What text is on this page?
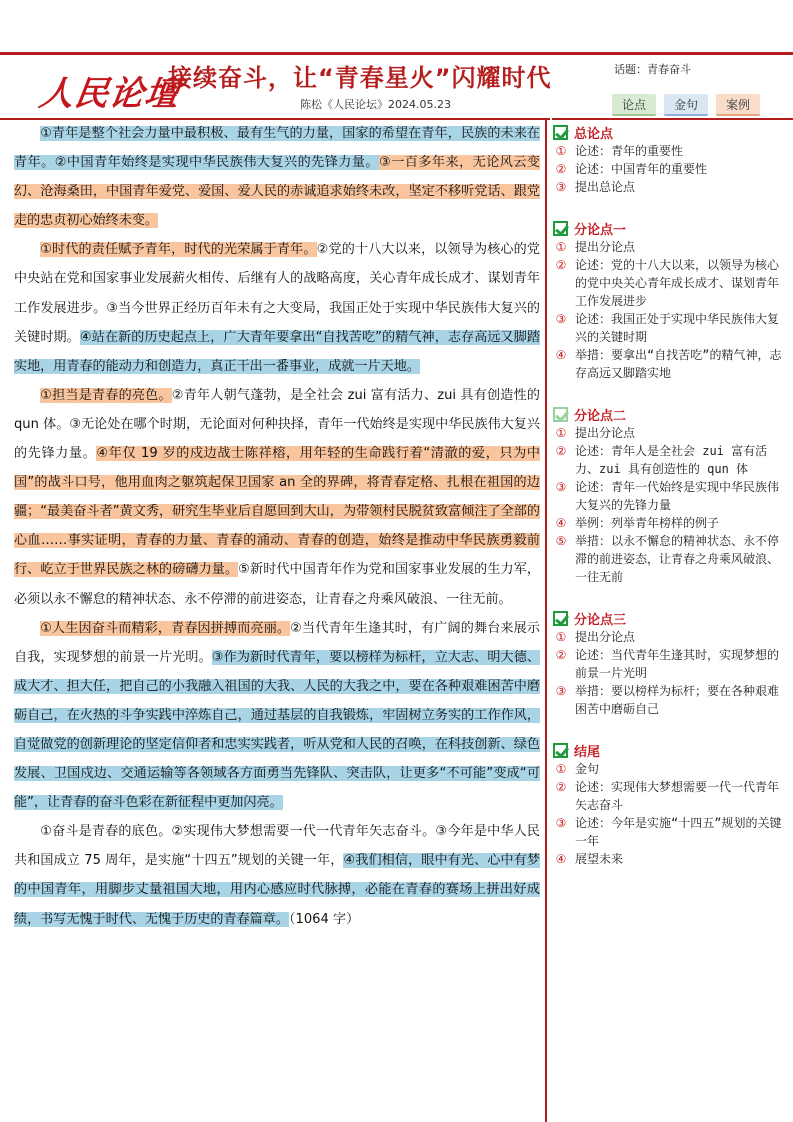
人民论壇
接续奋斗，让“青春星火”闪耀时代
陈松《人民论坛》2024.05.23
话题：青春奋斗
论点	金句	案例

①青年是整个社会力量中最积极、最有生气的力量，国家的希望在青年，民族的未来在青年。②中国青年始终是实现中华民族伟大复兴的先锋力量。③一百多年来，无论风云变幻、沧海桑田，中国青年爱党、爱国、爱人民的赤诚追求始终未改，坚定不移听党话、跟党走的忠贞初心始终未变。

①时代的责任赋予青年，时代的光荣属于青年。②党的十八大以来，以领导为核心的党中央站在党和国家事业发展薪火相传、后继有人的战略高度，关心青年成长成才、谋划青年工作发展进步。③当今世界正经历百年未有之大变局，我国正处于实现中华民族伟大复兴的关键时期。④站在新的历史起点上，广大青年要拿出“自找苦吃”的精气神，志存高远又脚踏实地，用青春的能动力和创造力，真正干出一番事业，成就一片天地。

①担当是青春的亮色。②青年人朝气蓬勃，是全社会 zui 富有活力、zui 具有创造性的 qun 体。③无论处在哪个时期，无论面对何种抉择，青年一代始终是实现中华民族伟大复兴的先锋力量。④年仅 19 岁的戍边战士陈祥榕，用年轻的生命践行着“清澈的爱，只为中国”的战斗口号，他用血肉之躯筑起保卫国家 an 全的界碑，将青春定格、扎根在祖国的边疆；“最美奋斗者”黄文秀，研究生毕业后自愿回到大山，为带领村民脱贫致富倾注了全部的心血……事实证明，青春的力量、青春的涌动、青春的创造，始终是推动中华民族勇毅前行、屹立于世界民族之林的磅礴力量。⑤新时代中国青年作为党和国家事业发展的生力军，必须以永不懈怠的精神状态、永不停滞的前进姿态，让青春之舟乘风破浪、一往无前。

①人生因奋斗而精彩，青春因拼搏而亮丽。②当代青年生逢其时，有广阔的舞台来展示自我，实现梦想的前景一片光明。③作为新时代青年，要以榜样为标杆，立大志、明大德、成大才、担大任，把自己的小我融入祖国的大我、人民的大我之中，要在各种艰难困苦中磨砺自己，在火热的斗争实践中淬炼自己，通过基层的自我锻炼，牢固树立务实的工作作风，自觉做党的创新理论的坚定信仰者和忠实实践者，听从党和人民的召唤，在科技创新、绿色发展、卫国戍边、交通运输等各领域各方面勇当先锋队、突击队，让更多“不可能”变成“可能”，让青春的奋斗色彩在新征程中更加闪亮。

①奋斗是青春的底色。②实现伟大梦想需要一代一代青年矢志奋斗。③今年是中华人民共和国成立 75 周年，是实施“十四五”规划的关键一年，④我们相信，眼中有光、心中有梦的中国青年，用脚步丈量祖国大地，用内心感应时代脉搏，必能在青春的赛场上拼出好成绩，书写无愧于时代、无愧于历史的青春篇章。（1064 字）

总论点
① 论述：青年的重要性
② 论述：中国青年的重要性
③ 提出总论点
分论点一
① 提出分论点
② 论述：党的十八大以来，以领导为核心的党中央关心青年成长成才、谋划青年工作发展进步
③ 论述：我国正处于实现中华民族伟大复兴的关键时期
④ 举措：要拿出“自找苦吃”的精气神，志存高远又脚踏实地
分论点二
① 提出分论点
② 论述：青年人是全社会 zui 富有活力、zui 具有创造性的 qun 体
③ 论述：青年一代始终是实现中华民族伟大复兴的先锋力量
④ 举例：列举青年榜样的例子
⑤ 举措：以永不懈怠的精神状态、永不停滞的前进姿态，让青春之舟乘风破浪、一往无前
分论点三
① 提出分论点
② 论述：当代青年生逢其时，实现梦想的前景一片光明
③ 举措：要以榜样为标杆；要在各种艰难困苦中磨砺自己
结尾
① 金句
② 论述：实现伟大梦想需要一代一代青年矢志奋斗
③ 论述：今年是实施“十四五”规划的关键一年
④ 展望未来
